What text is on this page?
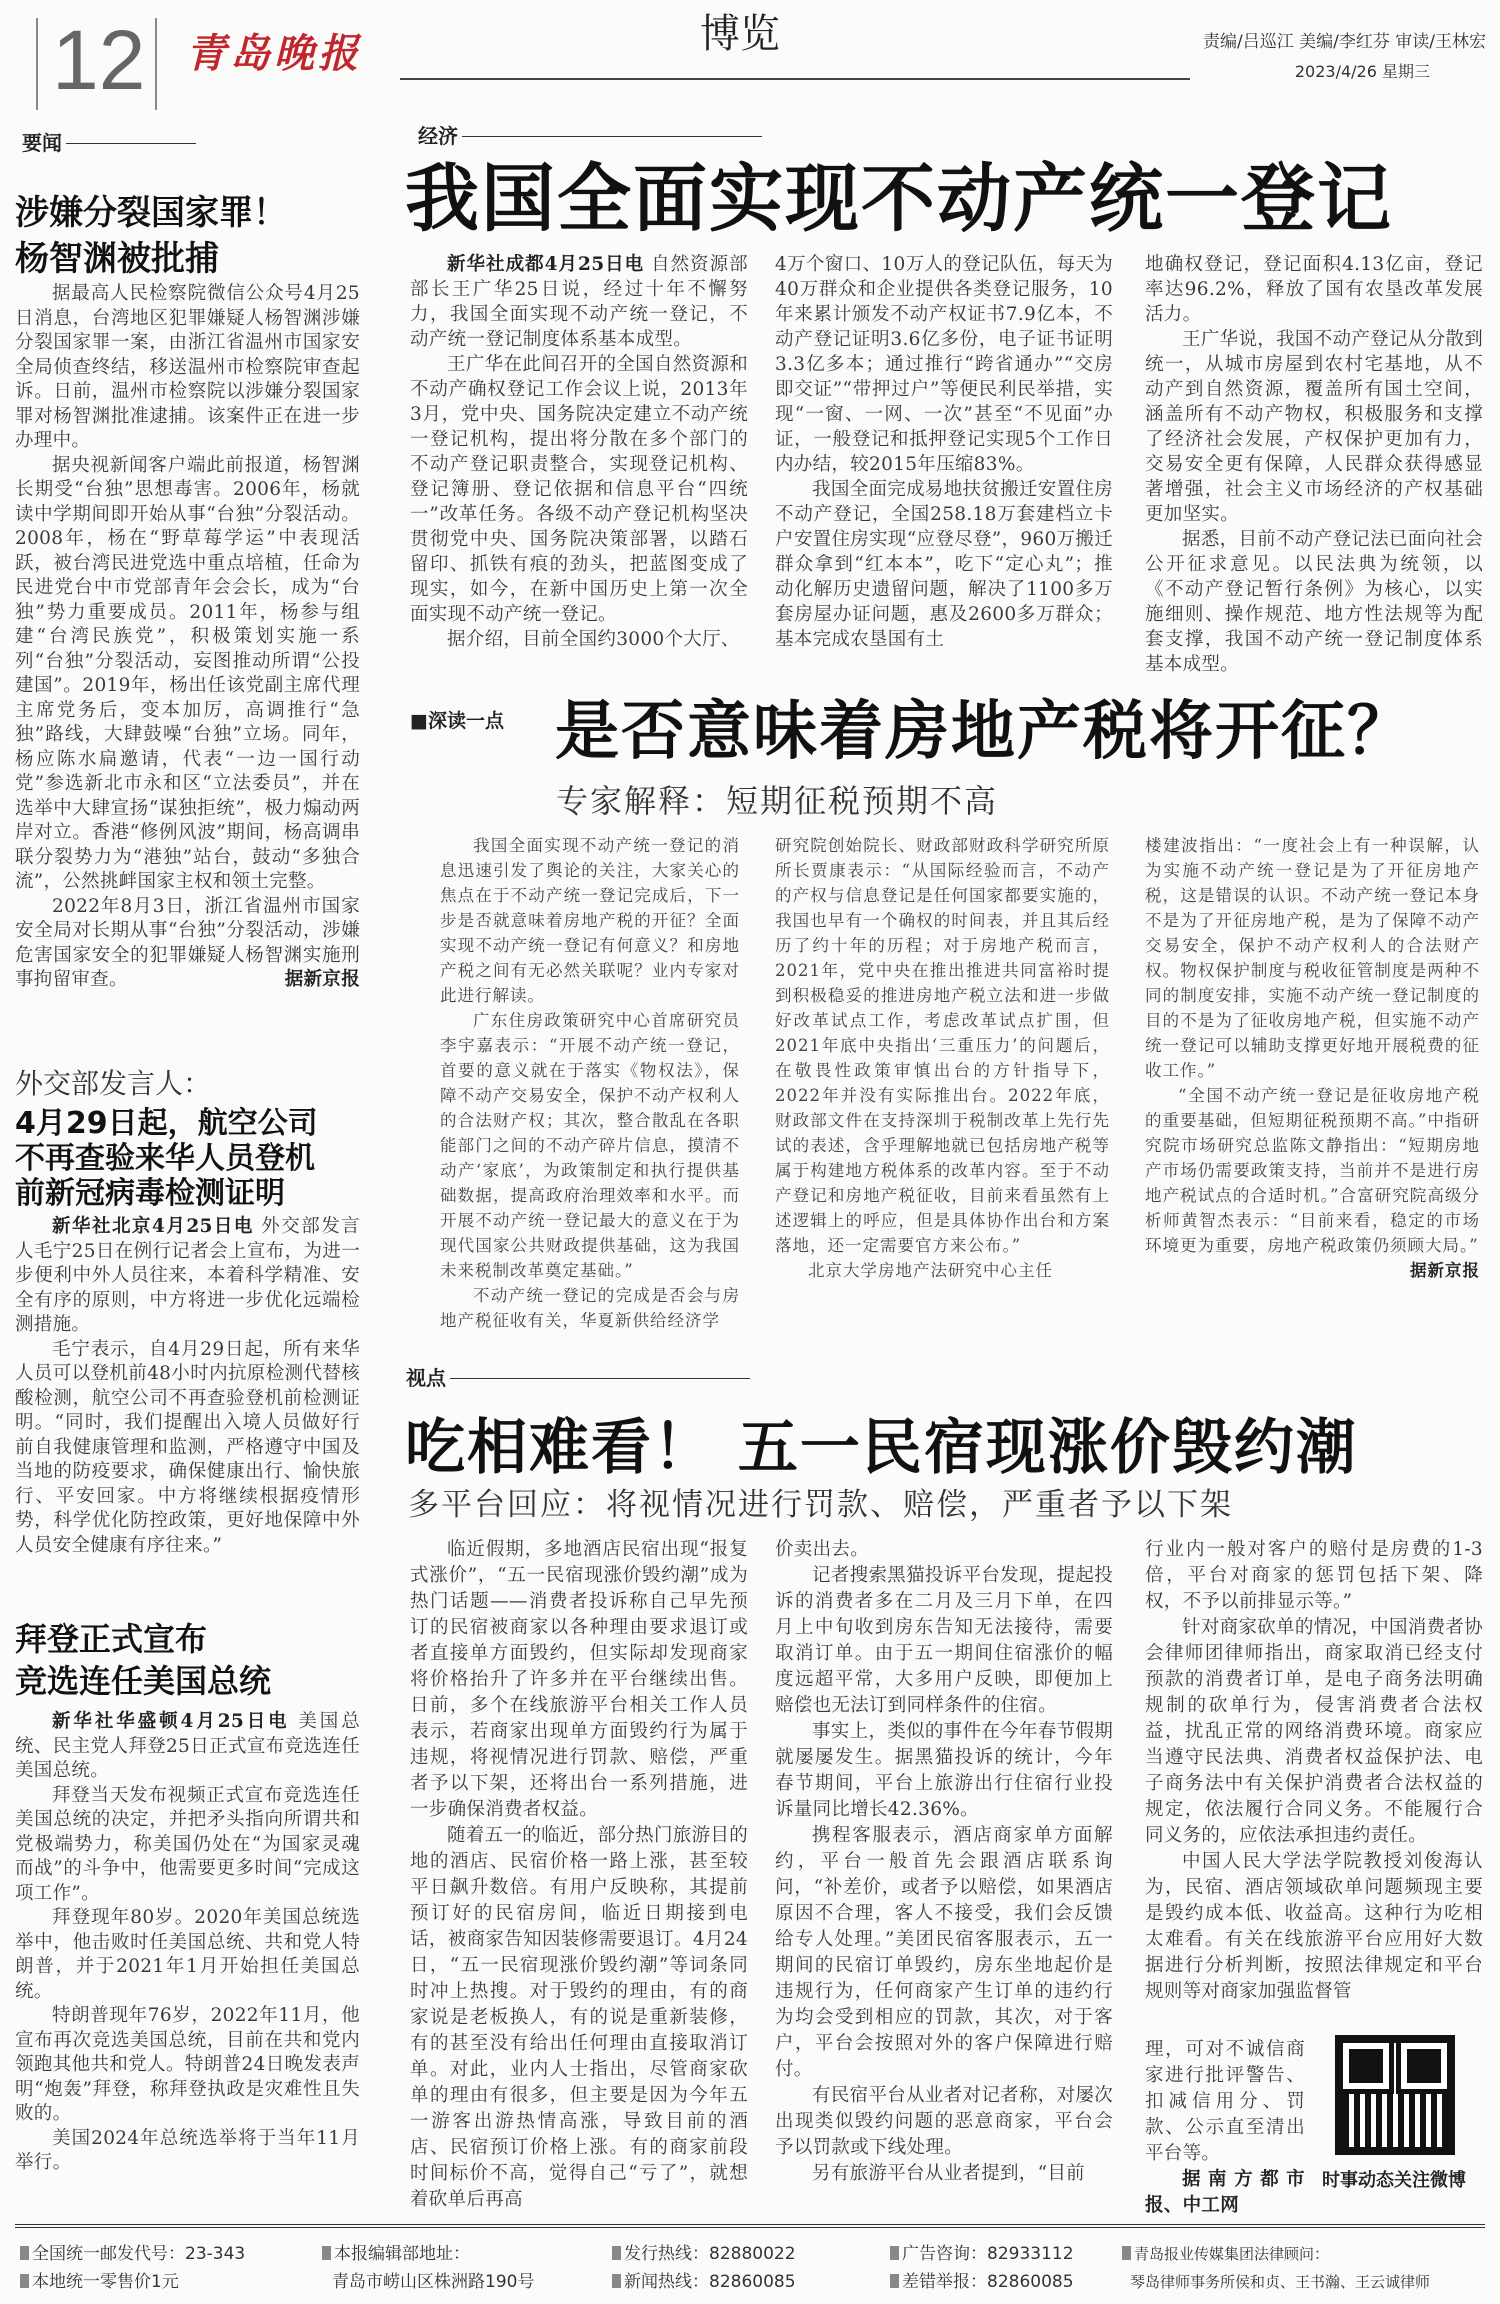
12	青岛晚报	博览	责编/吕巡江 美编/李红芬 审读/王林宏
2023/4/26 星期三
要闻
涉嫌分裂国家罪！
杨智渊被批捕

据最高人民检察院微信公众号4月25日消息，台湾地区犯罪嫌疑人杨智渊涉嫌分裂国家罪一案，由浙江省温州市国家安全局侦查终结，移送温州市检察院审查起诉。日前，温州市检察院以涉嫌分裂国家罪对杨智渊批准逮捕。该案件正在进一步办理中。

据央视新闻客户端此前报道，杨智渊长期受“台独”思想毒害。2006年，杨就读中学期间即开始从事“台独”分裂活动。2008年，杨在“野草莓学运”中表现活跃，被台湾民进党选中重点培植，任命为民进党台中市党部青年会会长，成为“台独”势力重要成员。2011年，杨参与组建“台湾民族党”，积极策划实施一系列“台独”分裂活动，妄图推动所谓“公投建国”。2019年，杨出任该党副主席代理主席党务后，变本加厉，高调推行“急独”路线，大肆鼓噪“台独”立场。同年，杨应陈水扁邀请，代表“一边一国行动党”参选新北市永和区“立法委员”，并在选举中大肆宣扬“谋独拒统”，极力煽动两岸对立。香港“修例风波”期间，杨高调串联分裂势力为“港独”站台，鼓动“多独合流”，公然挑衅国家主权和领土完整。

2022年8月3日，浙江省温州市国家安全局对长期从事“台独”分裂活动，涉嫌危害国家安全的犯罪嫌疑人杨智渊实施刑事拘留审查。	据新京报

外交部发言人：
4月29日起，航空公司
不再查验来华人员登机
前新冠病毒检测证明

新华社北京4月25日电 外交部发言人毛宁25日在例行记者会上宣布，为进一步便利中外人员往来，本着科学精准、安全有序的原则，中方将进一步优化远端检测措施。

毛宁表示，自4月29日起，所有来华人员可以登机前48小时内抗原检测代替核酸检测，航空公司不再查验登机前检测证明。“同时，我们提醒出入境人员做好行前自我健康管理和监测，严格遵守中国及当地的防疫要求，确保健康出行、愉快旅行、平安回家。中方将继续根据疫情形势，科学优化防控政策，更好地保障中外人员安全健康有序往来。”

拜登正式宣布
竞选连任美国总统

新华社华盛顿4月25日电 美国总统、民主党人拜登25日正式宣布竞选连任美国总统。

拜登当天发布视频正式宣布竞选连任美国总统的决定，并把矛头指向所谓共和党极端势力，称美国仍处在“为国家灵魂而战”的斗争中，他需要更多时间“完成这项工作”。

拜登现年80岁。2020年美国总统选举中，他击败时任美国总统、共和党人特朗普，并于2021年1月开始担任美国总统。

特朗普现年76岁，2022年11月，他宣布再次竞选美国总统，目前在共和党内领跑其他共和党人。特朗普24日晚发表声明“炮轰”拜登，称拜登执政是灾难性且失败的。

美国2024年总统选举将于当年11月举行。

经济
我国全面实现不动产统一登记

新华社成都4月25日电 自然资源部部长王广华25日说，经过十年不懈努力，我国全面实现不动产统一登记，不动产统一登记制度体系基本成型。

王广华在此间召开的全国自然资源和不动产确权登记工作会议上说，2013年3月，党中央、国务院决定建立不动产统一登记机构，提出将分散在多个部门的不动产登记职责整合，实现登记机构、登记簿册、登记依据和信息平台“四统一”改革任务。各级不动产登记机构坚决贯彻党中央、国务院决策部署，以踏石留印、抓铁有痕的劲头，把蓝图变成了现实，如今，在新中国历史上第一次全面实现不动产统一登记。

据介绍，目前全国约3000个大厅、

4万个窗口、10万人的登记队伍，每天为40万群众和企业提供各类登记服务，10年来累计颁发不动产权证书7.9亿本，不动产登记证明3.6亿多份，电子证书证明3.3亿多本；通过推行“跨省通办”“交房即交证”“带押过户”等便民利民举措，实现“一窗、一网、一次”甚至“不见面”办证，一般登记和抵押登记实现5个工作日内办结，较2015年压缩83%。

我国全面完成易地扶贫搬迁安置住房不动产登记，全国258.18万套建档立卡户安置住房实现“应登尽登”，960万搬迁群众拿到“红本本”，吃下“定心丸”；推动化解历史遗留问题，解决了1100多万套房屋办证问题，惠及2600多万群众；基本完成农垦国有土

地确权登记，登记面积4.13亿亩，登记率达96.2%，释放了国有农垦改革发展活力。

王广华说，我国不动产登记从分散到统一，从城市房屋到农村宅基地，从不动产到自然资源，覆盖所有国土空间，涵盖所有不动产物权，积极服务和支撑了经济社会发展，产权保护更加有力，交易安全更有保障，人民群众获得感显著增强，社会主义市场经济的产权基础更加坚实。

据悉，目前不动产登记法已面向社会公开征求意见。以民法典为统领，以《不动产登记暂行条例》为核心，以实施细则、操作规范、地方性法规等为配套支撑，我国不动产统一登记制度体系基本成型。

■深读一点 是否意味着房地产税将开征？
专家解释：短期征税预期不高

我国全面实现不动产统一登记的消息迅速引发了舆论的关注，大家关心的焦点在于不动产统一登记完成后，下一步是否就意味着房地产税的开征？全面实现不动产统一登记有何意义？和房地产税之间有无必然关联呢？业内专家对此进行解读。

广东住房政策研究中心首席研究员李宇嘉表示：“开展不动产统一登记，首要的意义就在于落实《物权法》，保障不动产交易安全，保护不动产权利人的合法财产权；其次，整合散乱在各职能部门之间的不动产碎片信息，摸清不动产‘家底’，为政策制定和执行提供基础数据，提高政府治理效率和水平。而开展不动产统一登记最大的意义在于为现代国家公共财政提供基础，这为我国未来税制改革奠定基础。”

不动产统一登记的完成是否会与房地产税征收有关，华夏新供给经济学

研究院创始院长、财政部财政科学研究所原所长贾康表示：“从国际经验而言，不动产的产权与信息登记是任何国家都要实施的，我国也早有一个确权的时间表，并且其后经历了约十年的历程；对于房地产税而言，2021年，党中央在推出推进共同富裕时提到积极稳妥的推进房地产税立法和进一步做好改革试点工作，考虑改革试点扩围，但2021年底中央指出‘三重压力’的问题后，在敬畏性政策审慎出台的方针指导下，2022年并没有实际推出台。2022年底，财政部文件在支持深圳于税制改革上先行先试的表述，含乎理解地就已包括房地产税等属于构建地方税体系的改革内容。至于不动产登记和房地产税征收，目前来看虽然有上述逻辑上的呼应，但是具体协作出台和方案落地，还一定需要官方来公布。”

北京大学房地产法研究中心主任

楼建波指出：“一度社会上有一种误解，认为实施不动产统一登记是为了开征房地产税，这是错误的认识。不动产统一登记本身不是为了开征房地产税，是为了保障不动产交易安全，保护不动产权利人的合法财产权。物权保护制度与税收征管制度是两种不同的制度安排，实施不动产统一登记制度的目的不是为了征收房地产税，但实施不动产统一登记可以辅助支撑更好地开展税费的征收工作。”

“全国不动产统一登记是征收房地产税的重要基础，但短期征税预期不高。”中指研究院市场研究总监陈文静指出：“短期房地产市场仍需要政策支持，当前并不是进行房地产税试点的合适时机。”合富研究院高级分析师黄智杰表示：“目前来看，稳定的市场环境更为重要，房地产税政策仍须顾大局。”
据新京报

视点
吃相难看！ 五一民宿现涨价毁约潮
多平台回应：将视情况进行罚款、赔偿，严重者予以下架

临近假期，多地酒店民宿出现“报复式涨价”，“五一民宿现涨价毁约潮”成为热门话题——消费者投诉称自己早先预订的民宿被商家以各种理由要求退订或者直接单方面毁约，但实际却发现商家将价格抬升了许多并在平台继续出售。日前，多个在线旅游平台相关工作人员表示，若商家出现单方面毁约行为属于违规，将视情况进行罚款、赔偿，严重者予以下架，还将出台一系列措施，进一步确保消费者权益。

随着五一的临近，部分热门旅游目的地的酒店、民宿价格一路上涨，甚至较平日飙升数倍。有用户反映称，其提前预订好的民宿房间，临近日期接到电话，被商家告知因装修需要退订。4月24日，“五一民宿现涨价毁约潮”等词条同时冲上热搜。对于毁约的理由，有的商家说是老板换人，有的说是重新装修，有的甚至没有给出任何理由直接取消订单。对此，业内人士指出，尽管商家砍单的理由有很多，但主要是因为今年五一游客出游热情高涨，导致目前的酒店、民宿预订价格上涨。有的商家前段时间标价不高，觉得自己“亏了”，就想着砍单后再高

价卖出去。

记者搜索黑猫投诉平台发现，提起投诉的消费者多在二月及三月下单，在四月上中旬收到房东告知无法接待，需要取消订单。由于五一期间住宿涨价的幅度远超平常，大多用户反映，即便加上赔偿也无法订到同样条件的住宿。

事实上，类似的事件在今年春节假期就屡屡发生。据黑猫投诉的统计，今年春节期间，平台上旅游出行住宿行业投诉量同比增长42.36%。

携程客服表示，酒店商家单方面解约，平台一般首先会跟酒店联系询问，“补差价，或者予以赔偿，如果酒店原因不合理，客人不接受，我们会反馈给专人处理。”美团民宿客服表示，五一期间的民宿订单毁约，房东坐地起价是违规行为，任何商家产生订单的违约行为均会受到相应的罚款，其次，对于客户，平台会按照对外的客户保障进行赔付。

有民宿平台从业者对记者称，对屡次出现类似毁约问题的恶意商家，平台会予以罚款或下线处理。

另有旅游平台从业者提到，“目前

行业内一般对客户的赔付是房费的1-3倍，平台对商家的惩罚包括下架、降权，不予以前排显示等。”

针对商家砍单的情况，中国消费者协会律师团律师指出，商家取消已经支付预款的消费者订单，是电子商务法明确规制的砍单行为，侵害消费者合法权益，扰乱正常的网络消费环境。商家应当遵守民法典、消费者权益保护法、电子商务法中有关保护消费者合法权益的规定，依法履行合同义务。不能履行合同义务的，应依法承担违约责任。

中国人民大学法学院教授刘俊海认为，民宿、酒店领域砍单问题频现主要是毁约成本低、收益高。这种行为吃相太难看。有关在线旅游平台应用好大数据进行分析判断，按照法律规定和平台规则等对商家加强监督管

理，可对不诚信商家进行批评警告、扣减信用分、罚款、公示直至清出平台等。

据南方都市报、中工网

时事动态关注微博
全国统一邮发代号：23-343
本地统一零售价1元
本报编辑部地址：
青岛市崂山区株洲路190号
发行热线：82880022
新闻热线：82860085
广告咨询：82933112
差错举报：82860085
青岛报业传媒集团法律顾问：
琴岛律师事务所侯和贞、王书瀚、王云诚律师
